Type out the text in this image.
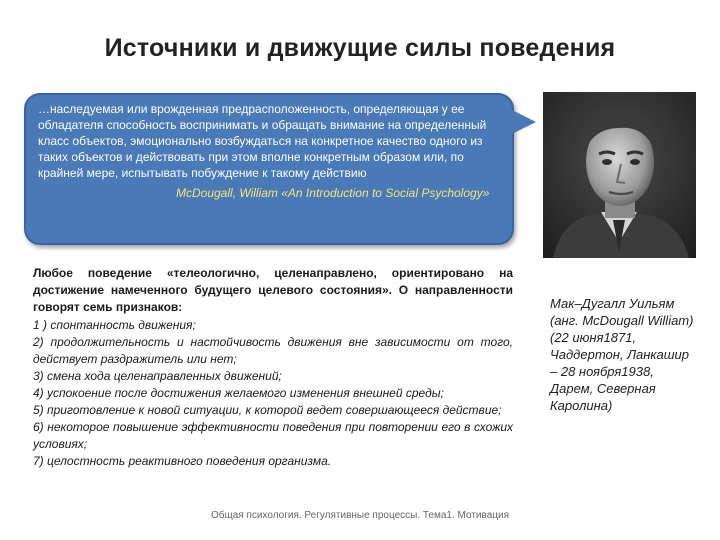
Источники и движущие силы поведения

…наследуемая или врожденная предрасположенность, определяющая у ее обладателя способность воспринимать и обращать внимание на определенный класс объектов, эмоционально возбуждаться на конкретное качество одного из таких объектов и действовать при этом вполне конкретным образом или, по крайней мере, испытывать побуждение к такому действию

McDougall, William «An Introduction to Social Psychology»

Мак–Дугалл Уильям
(анг. McDougall William)
(22 июня1871,
Чаддертон, Ланкашир
– 28 ноября1938,
Дарем, Северная
Каролина)

Любое поведение «телеологично, целенаправлено, ориентировано на достижение намеченного будущего целевого состояния». О направленности говорят семь признаков:

1 ) спонтанность движения;
2) продолжительность и настойчивость движения вне зависимости от того, действует раздражитель или нет;
3) смена хода целенаправленных движений;
4) успокоение после достижения желаемого изменения внешней среды;
5) приготовление к новой ситуации, к которой ведет совершающееся действие;
6) некоторое повышение эффективности поведения при повторении его в схожих условиях;
7) целостность реактивного поведения организма.
Общая психология. Регулятивные процессы. Тема1. Мотивация
